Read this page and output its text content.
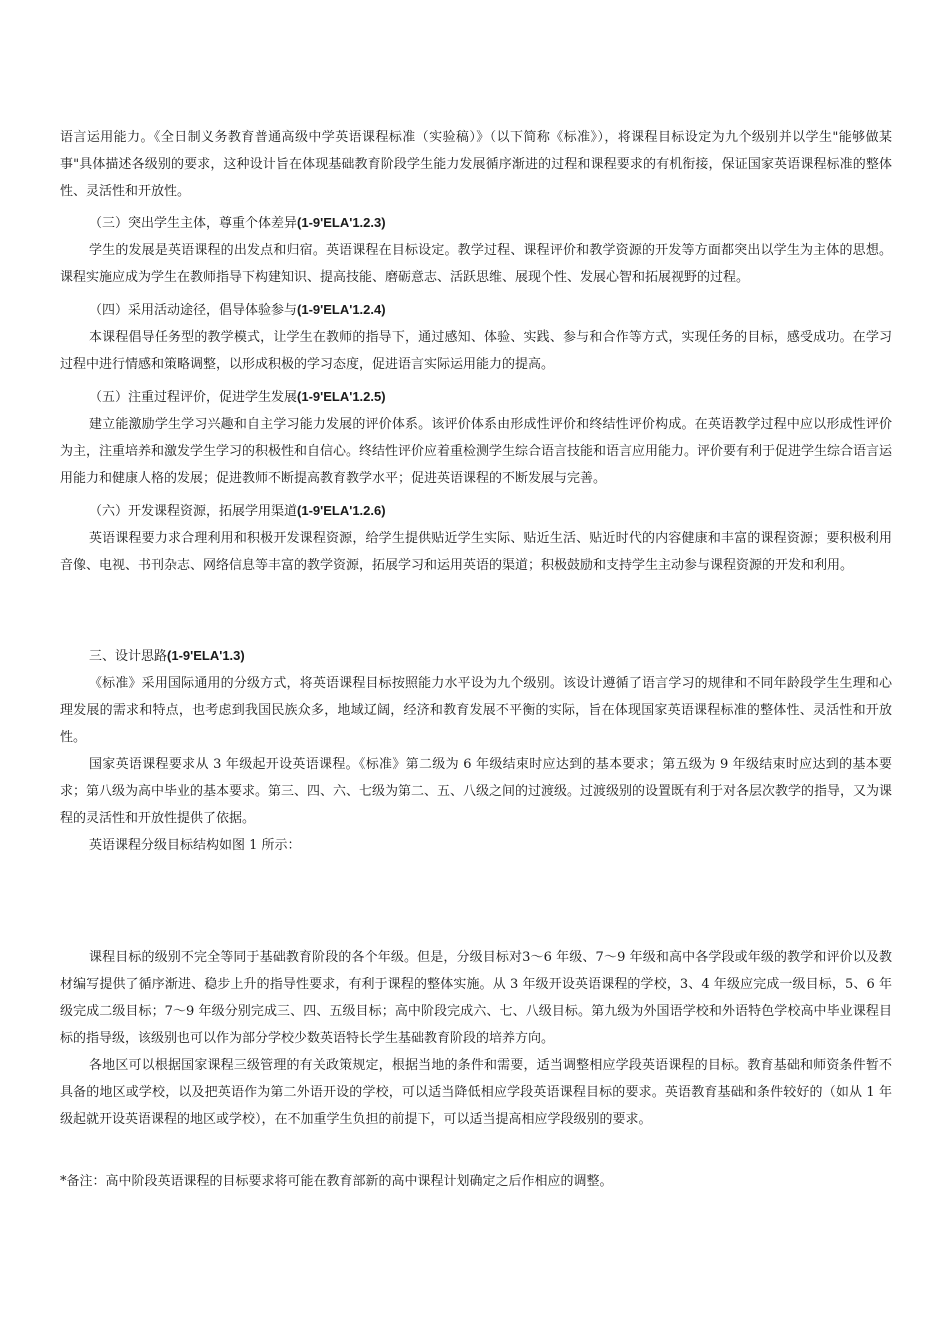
语言运用能力。《全日制义务教育普通高级中学英语课程标准（实验稿）》（以下简称《标准》），将课程目标设定为九个级别并以学生"能够做某事"具体描述各级别的要求，这种设计旨在体现基础教育阶段学生能力发展循序渐进的过程和课程要求的有机衔接，保证国家英语课程标准的整体性、灵活性和开放性。

（三）突出学生主体，尊重个体差异(1-9'ELA'1.2.3)

学生的发展是英语课程的出发点和归宿。英语课程在目标设定。教学过程、课程评价和教学资源的开发等方面都突出以学生为主体的思想。课程实施应成为学生在教师指导下构建知识、提高技能、磨砺意志、活跃思维、展现个性、发展心智和拓展视野的过程。

（四）采用活动途径，倡导体验参与(1-9'ELA'1.2.4)

本课程倡导任务型的教学模式，让学生在教师的指导下，通过感知、体验、实践、参与和合作等方式，实现任务的目标，感受成功。在学习过程中进行情感和策略调整，以形成积极的学习态度，促进语言实际运用能力的提高。

（五）注重过程评价，促进学生发展(1-9'ELA'1.2.5)

建立能激励学生学习兴趣和自主学习能力发展的评价体系。该评价体系由形成性评价和终结性评价构成。在英语教学过程中应以形成性评价为主，注重培养和激发学生学习的积极性和自信心。终结性评价应着重检测学生综合语言技能和语言应用能力。评价要有利于促进学生综合语言运用能力和健康人格的发展；促进教师不断提高教育教学水平；促进英语课程的不断发展与完善。

（六）开发课程资源，拓展学用渠道(1-9'ELA'1.2.6)

英语课程要力求合理利用和积极开发课程资源，给学生提供贴近学生实际、贴近生活、贴近时代的内容健康和丰富的课程资源；要积极利用音像、电视、书刊杂志、网络信息等丰富的教学资源，拓展学习和运用英语的渠道；积极鼓励和支持学生主动参与课程资源的开发和利用。

三、设计思路(1-9'ELA'1.3)

《标准》采用国际通用的分级方式，将英语课程目标按照能力水平设为九个级别。该设计遵循了语言学习的规律和不同年龄段学生生理和心理发展的需求和特点，也考虑到我国民族众多，地域辽阔，经济和教育发展不平衡的实际，旨在体现国家英语课程标准的整体性、灵活性和开放性。

国家英语课程要求从 3 年级起开设英语课程。《标准》第二级为 6 年级结束时应达到的基本要求；第五级为 9 年级结束时应达到的基本要求；第八级为高中毕业的基本要求。第三、四、六、七级为第二、五、八级之间的过渡级。过渡级别的设置既有利于对各层次教学的指导，又为课程的灵活性和开放性提供了依据。

英语课程分级目标结构如图 1 所示：

课程目标的级别不完全等同于基础教育阶段的各个年级。但是，分级目标对3～6 年级、7～9 年级和高中各学段或年级的教学和评价以及教材编写提供了循序渐进、稳步上升的指导性要求，有利于课程的整体实施。从 3 年级开设英语课程的学校，3、4 年级应完成一级目标，5、6 年级完成二级目标；7～9 年级分别完成三、四、五级目标；高中阶段完成六、七、八级目标。第九级为外国语学校和外语特色学校高中毕业课程目标的指导级，该级别也可以作为部分学校少数英语特长学生基础教育阶段的培养方向。

各地区可以根据国家课程三级管理的有关政策规定，根据当地的条件和需要，适当调整相应学段英语课程的目标。教育基础和师资条件暂不具备的地区或学校，以及把英语作为第二外语开设的学校，可以适当降低相应学段英语课程目标的要求。英语教育基础和条件较好的（如从 1 年级起就开设英语课程的地区或学校），在不加重学生负担的前提下，可以适当提高相应学段级别的要求。

*备注：高中阶段英语课程的目标要求将可能在教育部新的高中课程计划确定之后作相应的调整。
